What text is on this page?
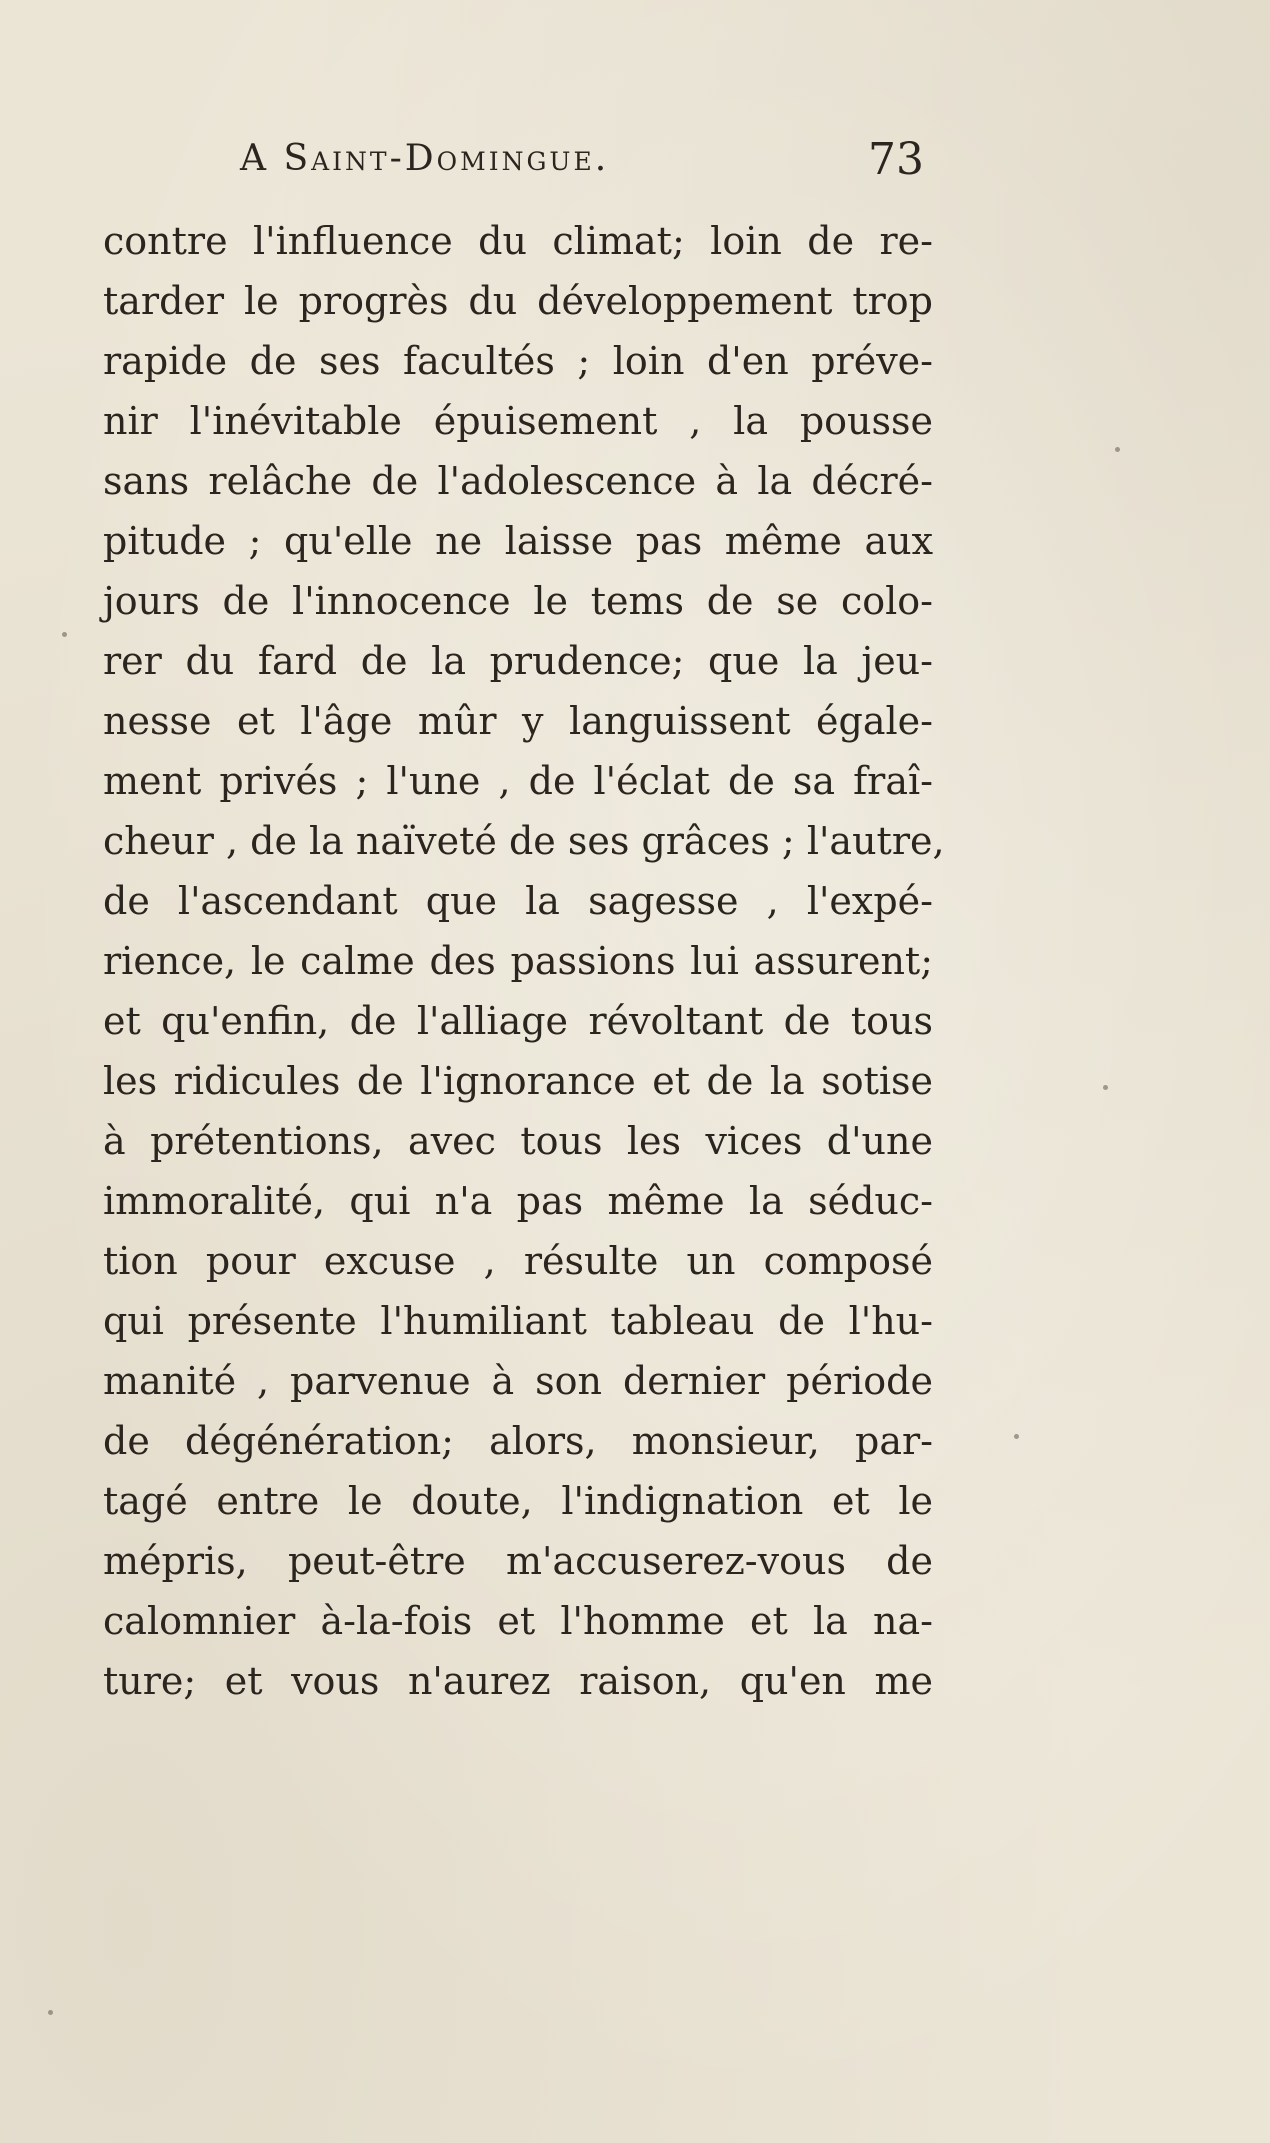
A Saint-Domingue.	73
contre l'influence du climat; loin de re-
tarder le progrès du développement trop
rapide de ses facultés ; loin d'en préve-
nir l'inévitable épuisement , la pousse
sans relâche de l'adolescence à la décré-
pitude ; qu'elle ne laisse pas même aux
jours de l'innocence le tems de se colo-
rer du fard de la prudence; que la jeu-
nesse et l'âge mûr y languissent égale-
ment privés ; l'une , de l'éclat de sa fraî-
cheur , de la naïveté de ses grâces ; l'autre,
de l'ascendant que la sagesse , l'expé-
rience, le calme des passions lui assurent;
et qu'enfin, de l'alliage révoltant de tous
les ridicules de l'ignorance et de la sotise
à prétentions, avec tous les vices d'une
immoralité, qui n'a pas même la séduc-
tion pour excuse , résulte un composé
qui présente l'humiliant tableau de l'hu-
manité , parvenue à son dernier période
de dégénération; alors, monsieur, par-
tagé entre le doute, l'indignation et le
mépris, peut-être m'accuserez-vous de
calomnier à-la-fois et l'homme et la na-
ture; et vous n'aurez raison, qu'en me
